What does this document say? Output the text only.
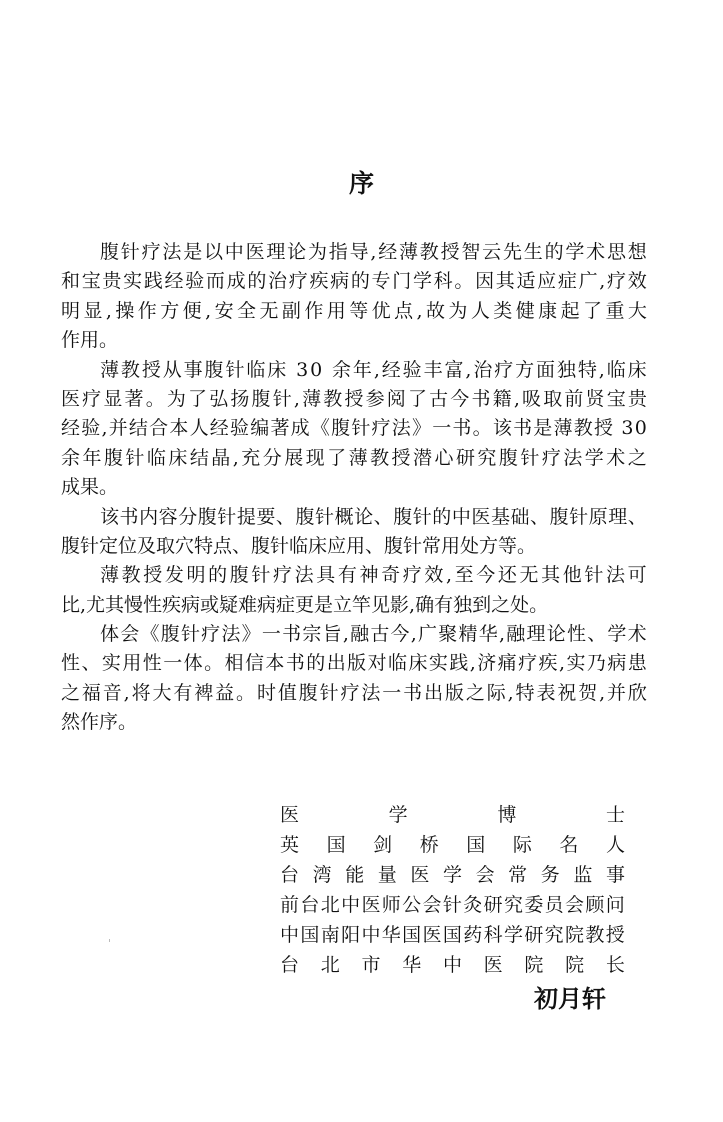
序
腹 针 疗 法 是 以 中 医 理 论 为 指 导 , 经 薄 教 授 智 云 先 生 的 学 术 思 想
和 宝 贵 实 践 经 验 而 成 的 治 疗 疾 病 的 专 门 学 科 。 因 其 适 应 症 广 , 疗 效
明 显 , 操 作 方 便 , 安 全 无 副 作 用 等 优 点 , 故 为 人 类 健 康 起 了 重 大
作用。
薄 教 授 从 事 腹 针 临 床
3 0
余 年 , 经 验 丰 富 , 治 疗 方 面 独 特 , 临 床
医 疗 显 著 。 为 了 弘 扬 腹 针 , 薄 教 授 参 阅 了 古 今 书 籍 , 吸 取 前 贤 宝 贵
经 验 , 并 结 合 本 人 经 验 编 著 成 《 腹 针 疗 法 》 一 书 。 该 书 是 薄 教 授
3 0
余 年 腹 针 临 床 结 晶 , 充 分 展 现 了 薄 教 授 潜 心 研 究 腹 针 疗 法 学 术 之
成果。
该 书 内 容 分 腹 针 提 要 、 腹 针 概 论 、 腹 针 的 中 医 基 础 、 腹 针 原 理 、
腹针定位及取穴特点、腹针临床应用、腹针常用处方等。
薄 教 授 发 明 的 腹 针 疗 法 具 有 神 奇 疗 效 , 至 今 还 无 其 他 针 法 可
比,尤其慢性疾病或疑难病症更是立竿见影,确有独到之处。
体 会 《 腹 针 疗 法 》 一 书 宗 旨 , 融 古 今 , 广 聚 精 华 , 融 理 论 性 、 学 术
性 、 实 用 性 一 体 。 相 信 本 书 的 出 版 对 临 床 实 践 , 济 痛 疗 疾 , 实 乃 病 患
之 福 音 , 将 大 有 裨 益 。 时 值 腹 针 疗 法 一 书 出 版 之 际 , 特 表 祝 贺 , 并 欣
然作序。
医	学	博	士
英 国 剑 桥 国 际 名 人
台 湾 能 量 医 学 会 常 务 监 事
前 台 北 中 医 师 公 会 针 灸 研 究 委 员 会 顾 问
中 国 南 阳 中 华 国 医 国 药 科 学 研 究 院 教 授
台 北 市 华 中 医 院 院 长
初月轩
